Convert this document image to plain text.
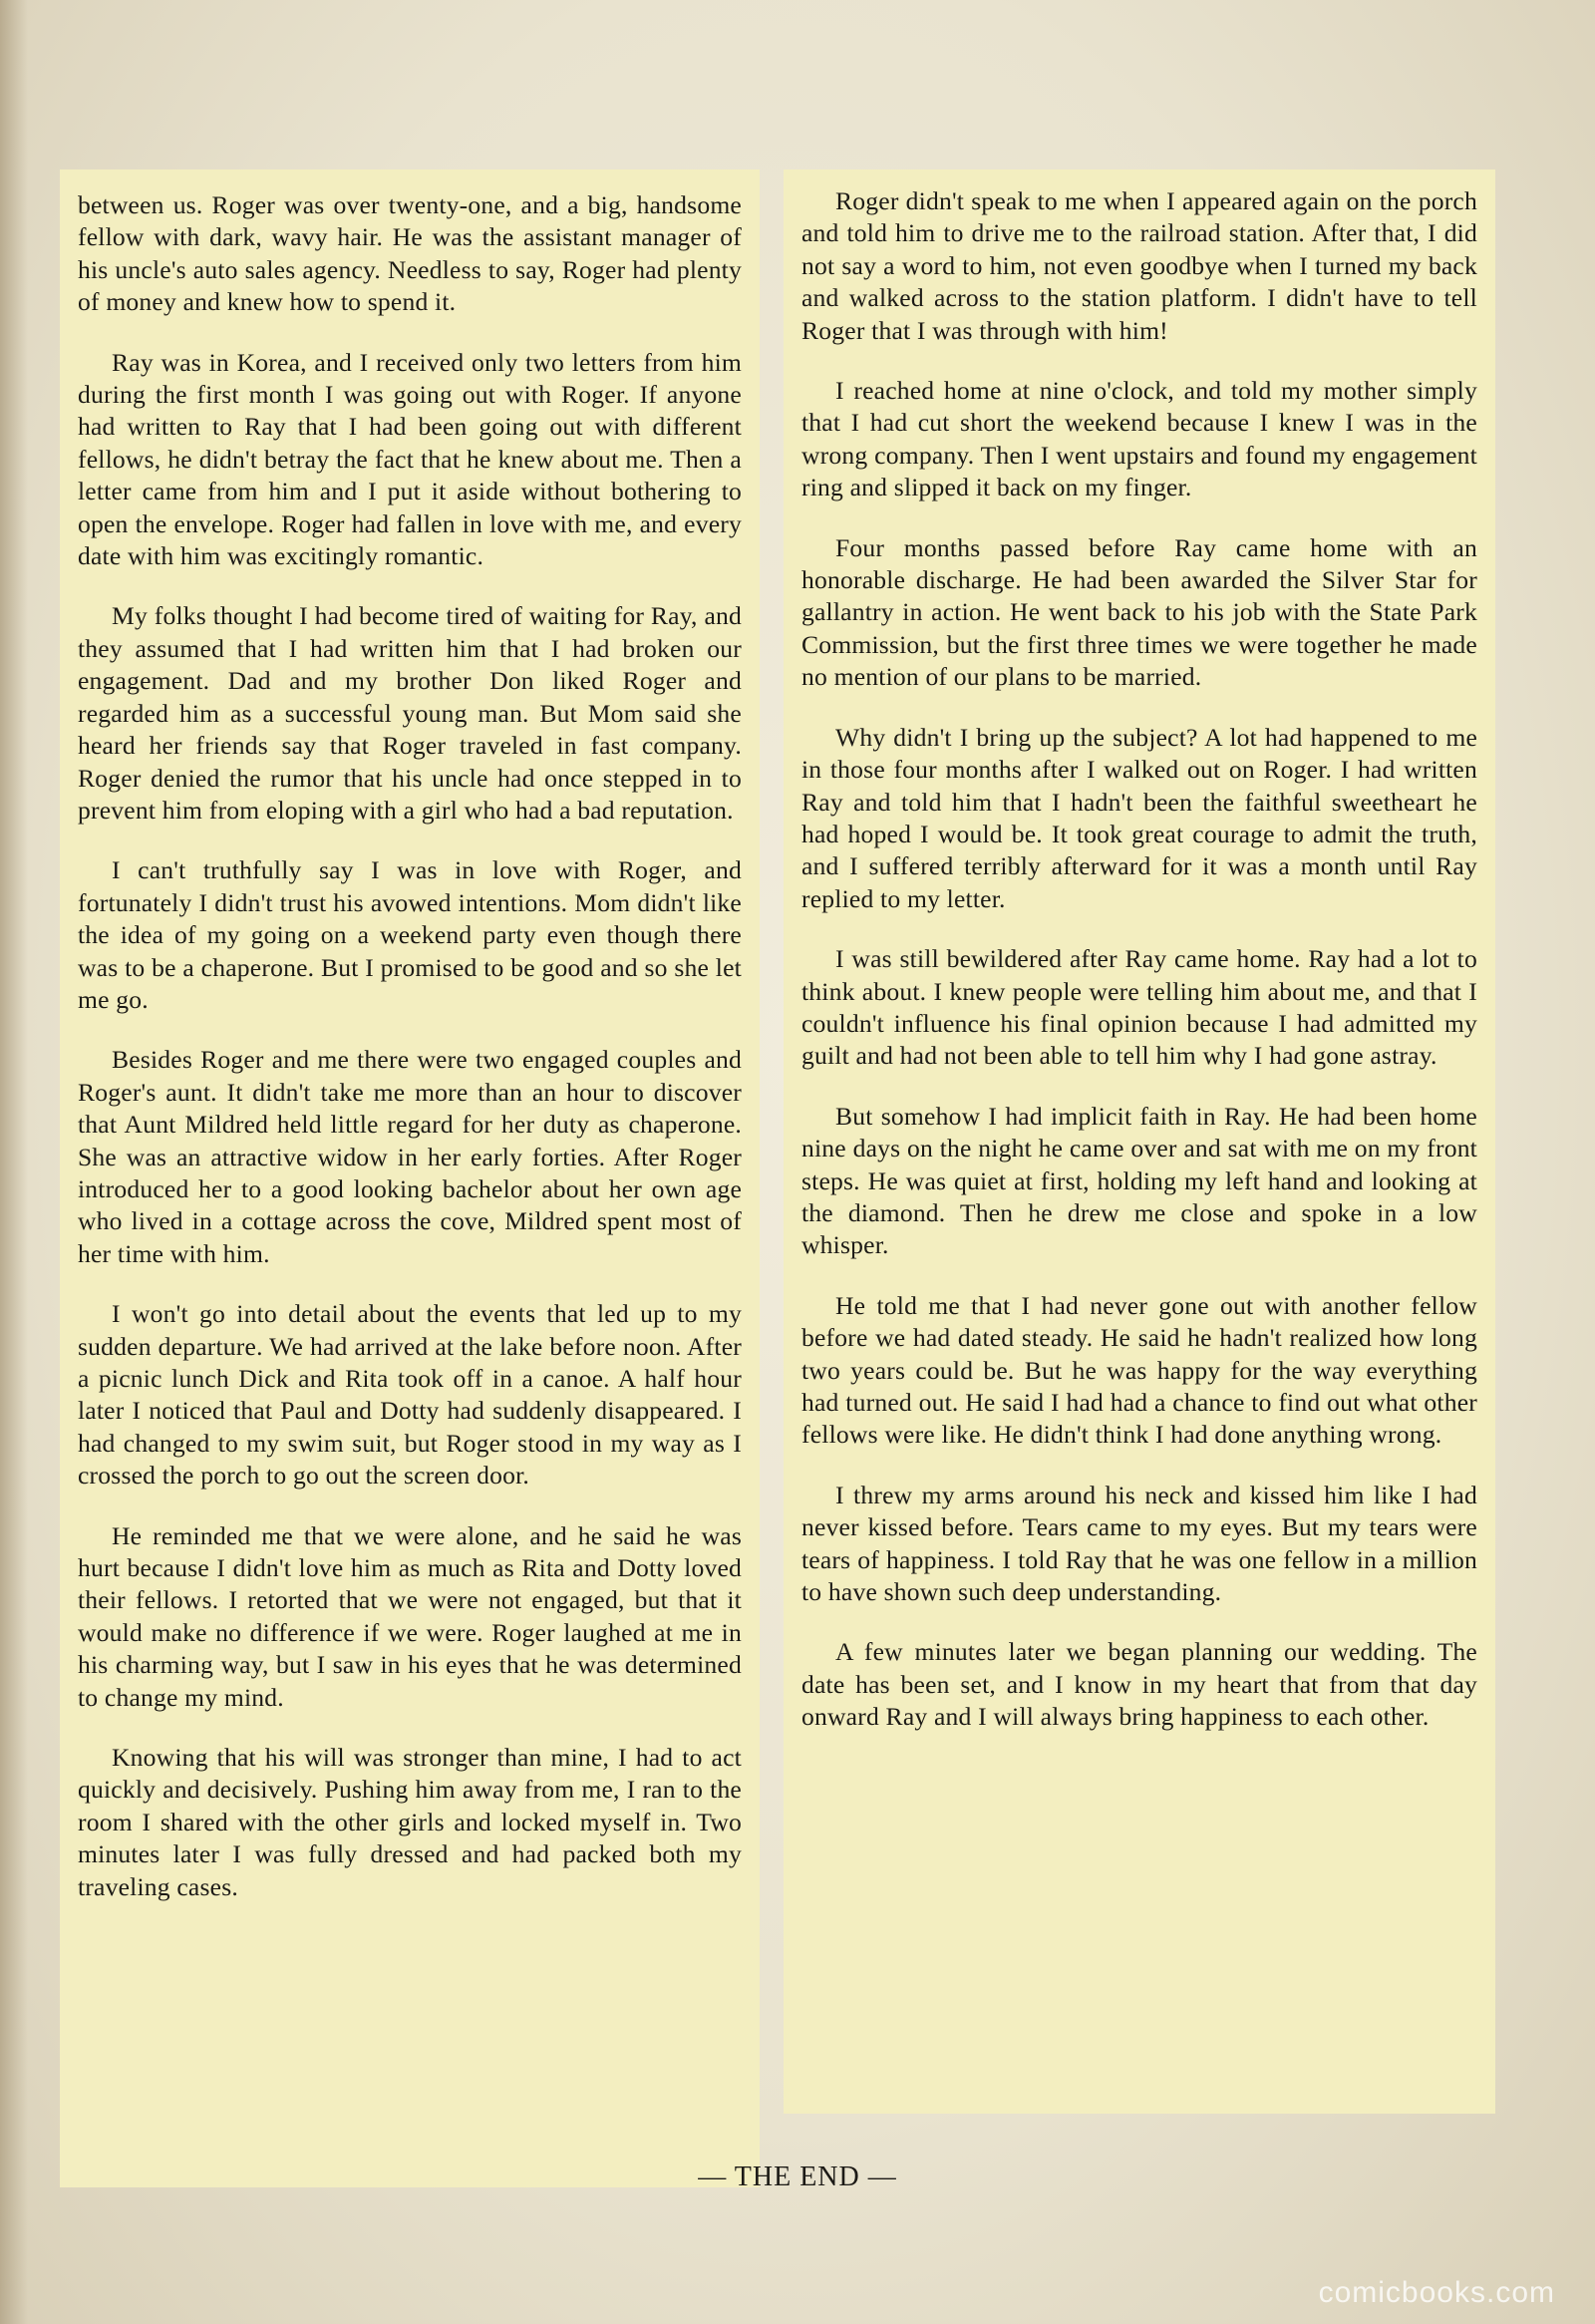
between us. Roger was over twenty-one, and a big, handsome fellow with dark, wavy hair. He was the assistant manager of his uncle's auto sales agency. Needless to say, Roger had plenty of money and knew how to spend it.

Ray was in Korea, and I received only two letters from him during the first month I was going out with Roger. If anyone had written to Ray that I had been going out with different fellows, he didn't betray the fact that he knew about me. Then a letter came from him and I put it aside without bothering to open the envelope. Roger had fallen in love with me, and every date with him was excitingly romantic.

My folks thought I had become tired of waiting for Ray, and they assumed that I had written him that I had broken our engagement. Dad and my brother Don liked Roger and regarded him as a successful young man. But Mom said she heard her friends say that Roger traveled in fast company. Roger denied the rumor that his uncle had once stepped in to prevent him from eloping with a girl who had a bad reputation.

I can't truthfully say I was in love with Roger, and fortunately I didn't trust his avowed intentions. Mom didn't like the idea of my going on a weekend party even though there was to be a chaperone. But I promised to be good and so she let me go.

Besides Roger and me there were two engaged couples and Roger's aunt. It didn't take me more than an hour to discover that Aunt Mildred held little regard for her duty as chaperone. She was an attractive widow in her early forties. After Roger introduced her to a good looking bachelor about her own age who lived in a cottage across the cove, Mildred spent most of her time with him.

I won't go into detail about the events that led up to my sudden departure. We had arrived at the lake before noon. After a picnic lunch Dick and Rita took off in a canoe. A half hour later I noticed that Paul and Dotty had suddenly disappeared. I had changed to my swim suit, but Roger stood in my way as I crossed the porch to go out the screen door.

He reminded me that we were alone, and he said he was hurt because I didn't love him as much as Rita and Dotty loved their fellows. I retorted that we were not engaged, but that it would make no difference if we were. Roger laughed at me in his charming way, but I saw in his eyes that he was determined to change my mind.

Knowing that his will was stronger than mine, I had to act quickly and decisively. Pushing him away from me, I ran to the room I shared with the other girls and locked myself in. Two minutes later I was fully dressed and had packed both my traveling cases.

Roger didn't speak to me when I appeared again on the porch and told him to drive me to the railroad station. After that, I did not say a word to him, not even goodbye when I turned my back and walked across to the station platform. I didn't have to tell Roger that I was through with him!

I reached home at nine o'clock, and told my mother simply that I had cut short the weekend because I knew I was in the wrong company. Then I went upstairs and found my engagement ring and slipped it back on my finger.

Four months passed before Ray came home with an honorable discharge. He had been awarded the Silver Star for gallantry in action. He went back to his job with the State Park Commission, but the first three times we were together he made no mention of our plans to be married.

Why didn't I bring up the subject? A lot had happened to me in those four months after I walked out on Roger. I had written Ray and told him that I hadn't been the faithful sweetheart he had hoped I would be. It took great courage to admit the truth, and I suffered terribly afterward for it was a month until Ray replied to my letter.

I was still bewildered after Ray came home. Ray had a lot to think about. I knew people were telling him about me, and that I couldn't influence his final opinion because I had admitted my guilt and had not been able to tell him why I had gone astray.

But somehow I had implicit faith in Ray. He had been home nine days on the night he came over and sat with me on my front steps. He was quiet at first, holding my left hand and looking at the diamond. Then he drew me close and spoke in a low whisper.

He told me that I had never gone out with another fellow before we had dated steady. He said he hadn't realized how long two years could be. But he was happy for the way everything had turned out. He said I had had a chance to find out what other fellows were like. He didn't think I had done anything wrong.

I threw my arms around his neck and kissed him like I had never kissed before. Tears came to my eyes. But my tears were tears of happiness. I told Ray that he was one fellow in a million to have shown such deep understanding.

A few minutes later we began planning our wedding. The date has been set, and I know in my heart that from that day onward Ray and I will always bring happiness to each other.

— THE END —
comicbooks.com
